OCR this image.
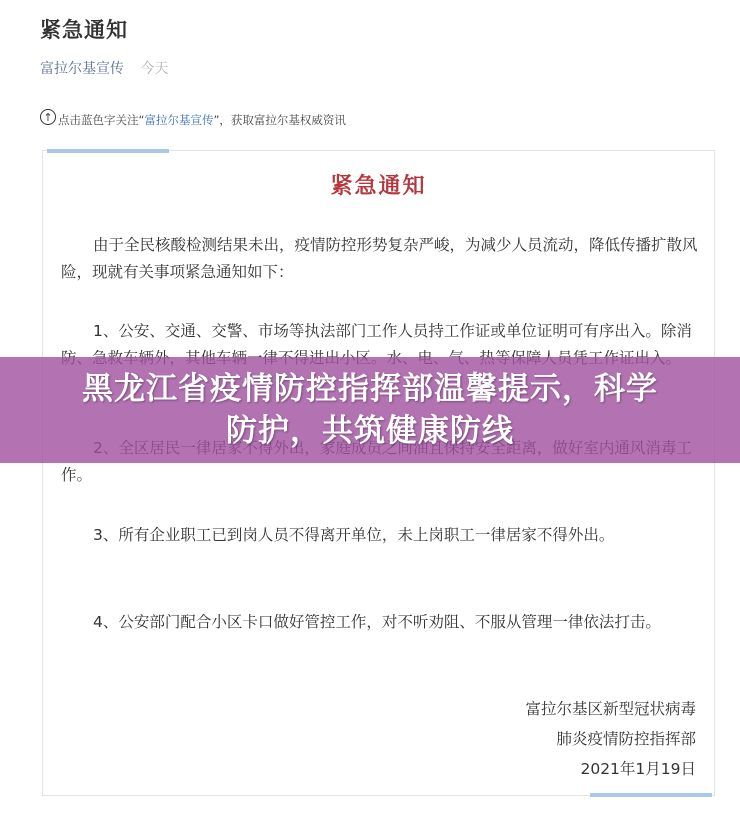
紧急通知
富拉尔基宣传 今天
↑ 点击蓝色字关注“ 富拉尔基宣传 ”，获取富拉尔基权威资讯
紧急通知
由于全民核酸检测结果未出，疫情防控形势复杂严峻，为减少人员流动，降低传播扩散风险，现就有关事项紧急通知如下：
1、公安、交通、交警、市场等执法部门工作人员持工作证或单位证明可有序出入。除消
作。
3、所有企业职工已到岗人员不得离开单位，未上岗职工一律居家不得外出。
4、公安部门配合小区卡口做好管控工作，对不听劝阻、不服从管理一律依法打击。
富拉尔基区新型冠状病毒
肺炎疫情防控指挥部
2021年1月19日
黑龙江省疫情防控指挥部温馨提示，科学
防护，共筑健康防线
